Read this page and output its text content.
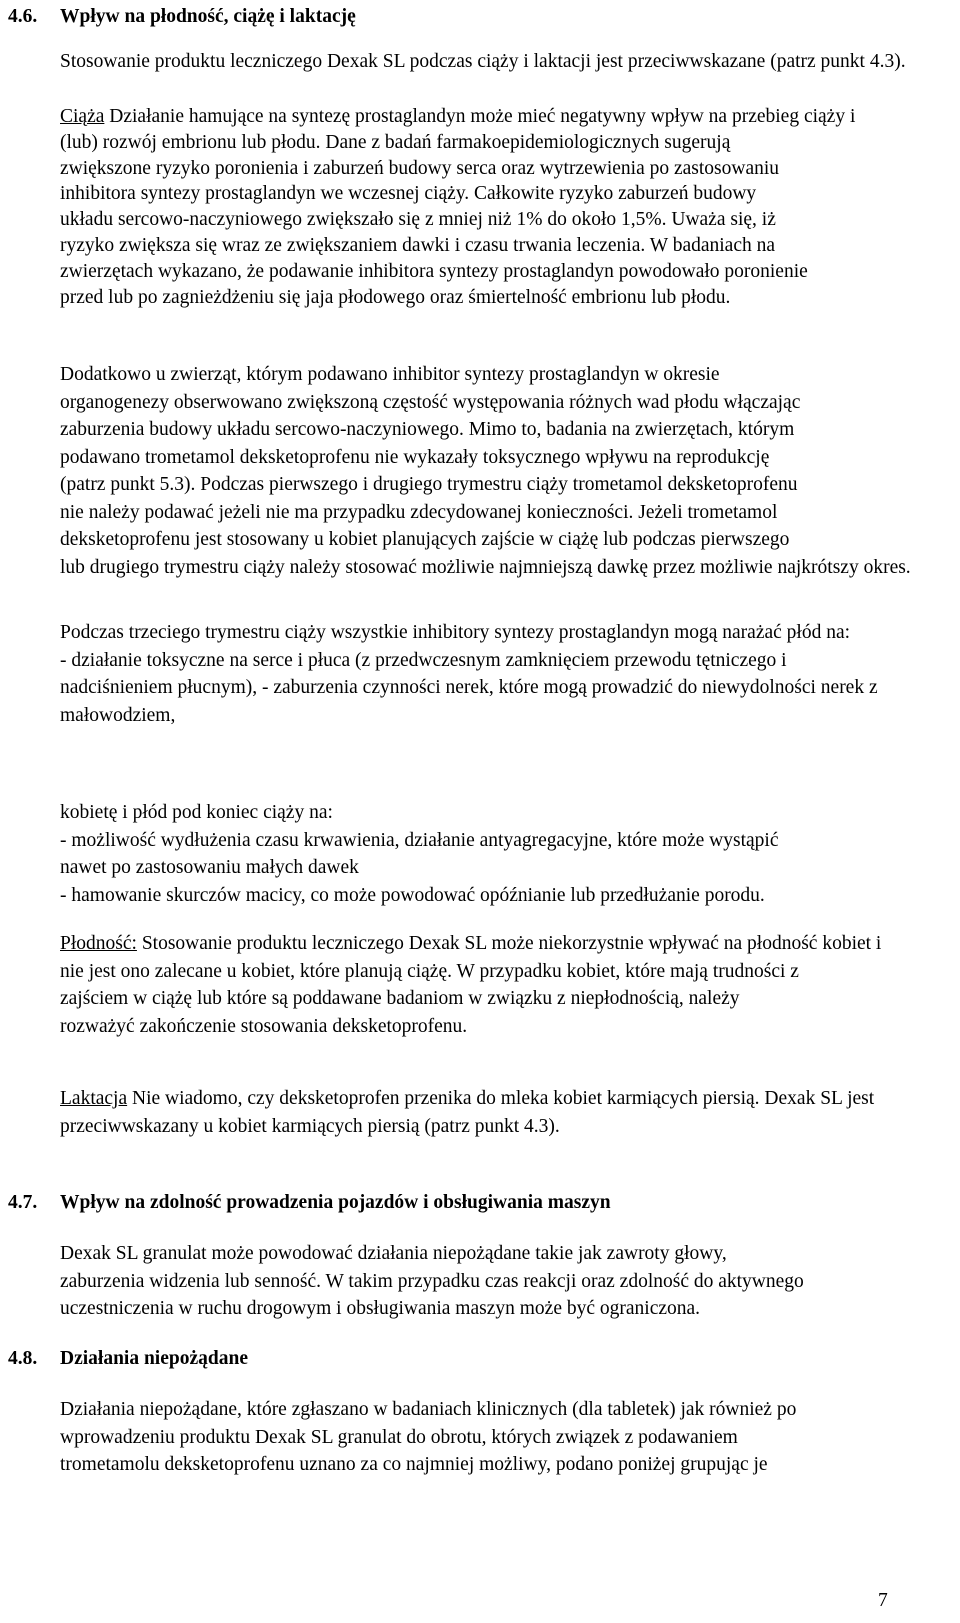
4.6. Wpływ na płodność, ciążę i laktację

Stosowanie produktu leczniczego Dexak SL podczas ciąży i laktacji jest przeciwwskazane (patrz punkt 4.3).

Ciąża Działanie hamujące na syntezę prostaglandyn może mieć negatywny wpływ na przebieg ciąży i (lub) rozwój embrionu lub płodu. Dane z badań farmakoepidemiologicznych sugerują zwiększone ryzyko poronienia i zaburzeń budowy serca oraz wytrzewienia po zastosowaniu inhibitora syntezy prostaglandyn we wczesnej ciąży. Całkowite ryzyko zaburzeń budowy układu sercowo-naczyniowego zwiększało się z mniej niż 1% do około 1,5%. Uważa się, iż ryzyko zwiększa się wraz ze zwiększaniem dawki i czasu trwania leczenia. W badaniach na zwierzętach wykazano, że podawanie inhibitora syntezy prostaglandyn powodowało poronienie przed lub po zagnieżdżeniu się jaja płodowego oraz śmiertelność embrionu lub płodu.
Dodatkowo u zwierząt, którym podawano inhibitor syntezy prostaglandyn w okresie organogenezy obserwowano zwiększoną częstość występowania różnych wad płodu włączając zaburzenia budowy układu sercowo-naczyniowego. Mimo to, badania na zwierzętach, którym podawano trometamol deksketoprofenu nie wykazały toksycznego wpływu na reprodukcję (patrz punkt 5.3). Podczas pierwszego i drugiego trymestru ciąży trometamol deksketoprofenu nie należy podawać jeżeli nie ma przypadku zdecydowanej konieczności. Jeżeli trometamol deksketoprofenu jest stosowany u kobiet planujących zajście w ciążę lub podczas pierwszego lub drugiego trymestru ciąży należy stosować możliwie najmniejszą dawkę przez możliwie najkrótszy okres.
Podczas trzeciego trymestru ciąży wszystkie inhibitory syntezy prostaglandyn mogą narażać płód na: - działanie toksyczne na serce i płuca (z przedwczesnym zamknięciem przewodu tętniczego i nadciśnieniem płucnym), - zaburzenia czynności nerek, które mogą prowadzić do niewydolności nerek z małowodziem,
kobietę i płód pod koniec ciąży na: - możliwość wydłużenia czasu krwawienia, działanie antyagregacyjne, które może wystąpić nawet po zastosowaniu małych dawek - hamowanie skurczów macicy, co może powodować opóźnianie lub przedłużanie porodu.
Płodność: Stosowanie produktu leczniczego Dexak SL może niekorzystnie wpływać na płodność kobiet i nie jest ono zalecane u kobiet, które planują ciążę. W przypadku kobiet, które mają trudności z zajściem w ciążę lub które są poddawane badaniom w związku z niepłodnością, należy rozważyć zakończenie stosowania deksketoprofenu.
Laktacja Nie wiadomo, czy deksketoprofen przenika do mleka kobiet karmiących piersią. Dexak SL jest przeciwwskazany u kobiet karmiących piersią (patrz punkt 4.3).
4.7. Wpływ na zdolność prowadzenia pojazdów i obsługiwania maszyn
Dexak SL granulat może powodować działania niepożądane takie jak zawroty głowy, zaburzenia widzenia lub senność. W takim przypadku czas reakcji oraz zdolność do aktywnego uczestniczenia w ruchu drogowym i obsługiwania maszyn może być ograniczona.
4.8. Działania niepożądane
Działania niepożądane, które zgłaszano w badaniach klinicznych (dla tabletek) jak również po wprowadzeniu produktu Dexak SL granulat do obrotu, których związek z podawaniem trometamolu deksketoprofenu uznano za co najmniej możliwy, podano poniżej grupując je
7
